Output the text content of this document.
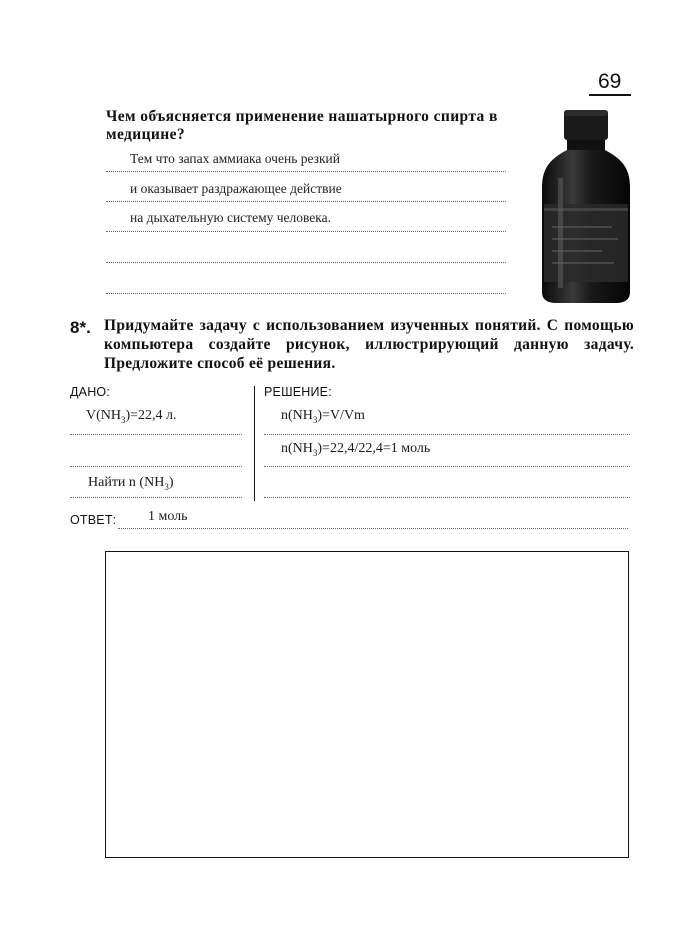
69
Чем объясняется применение нашатырного спирта в медицине?
Тем что запах аммиака очень резкий
и оказывает раздражающее действие
на дыхательную систему человека.
8*. Придумайте задачу с использованием изученных понятий. С помощью компьютера создайте рисунок, иллюстрирующий данную задачу. Предложите способ её решения.
ДАНО:
$V(NH_3)=22,4$ л.
Найти n $(NH_3)$
РЕШЕНИЕ:
$n(NH_3)=V/Vm$
$n(NH_3)=22,4/22,4=1$ моль
ОТВЕТ: 1 моль
